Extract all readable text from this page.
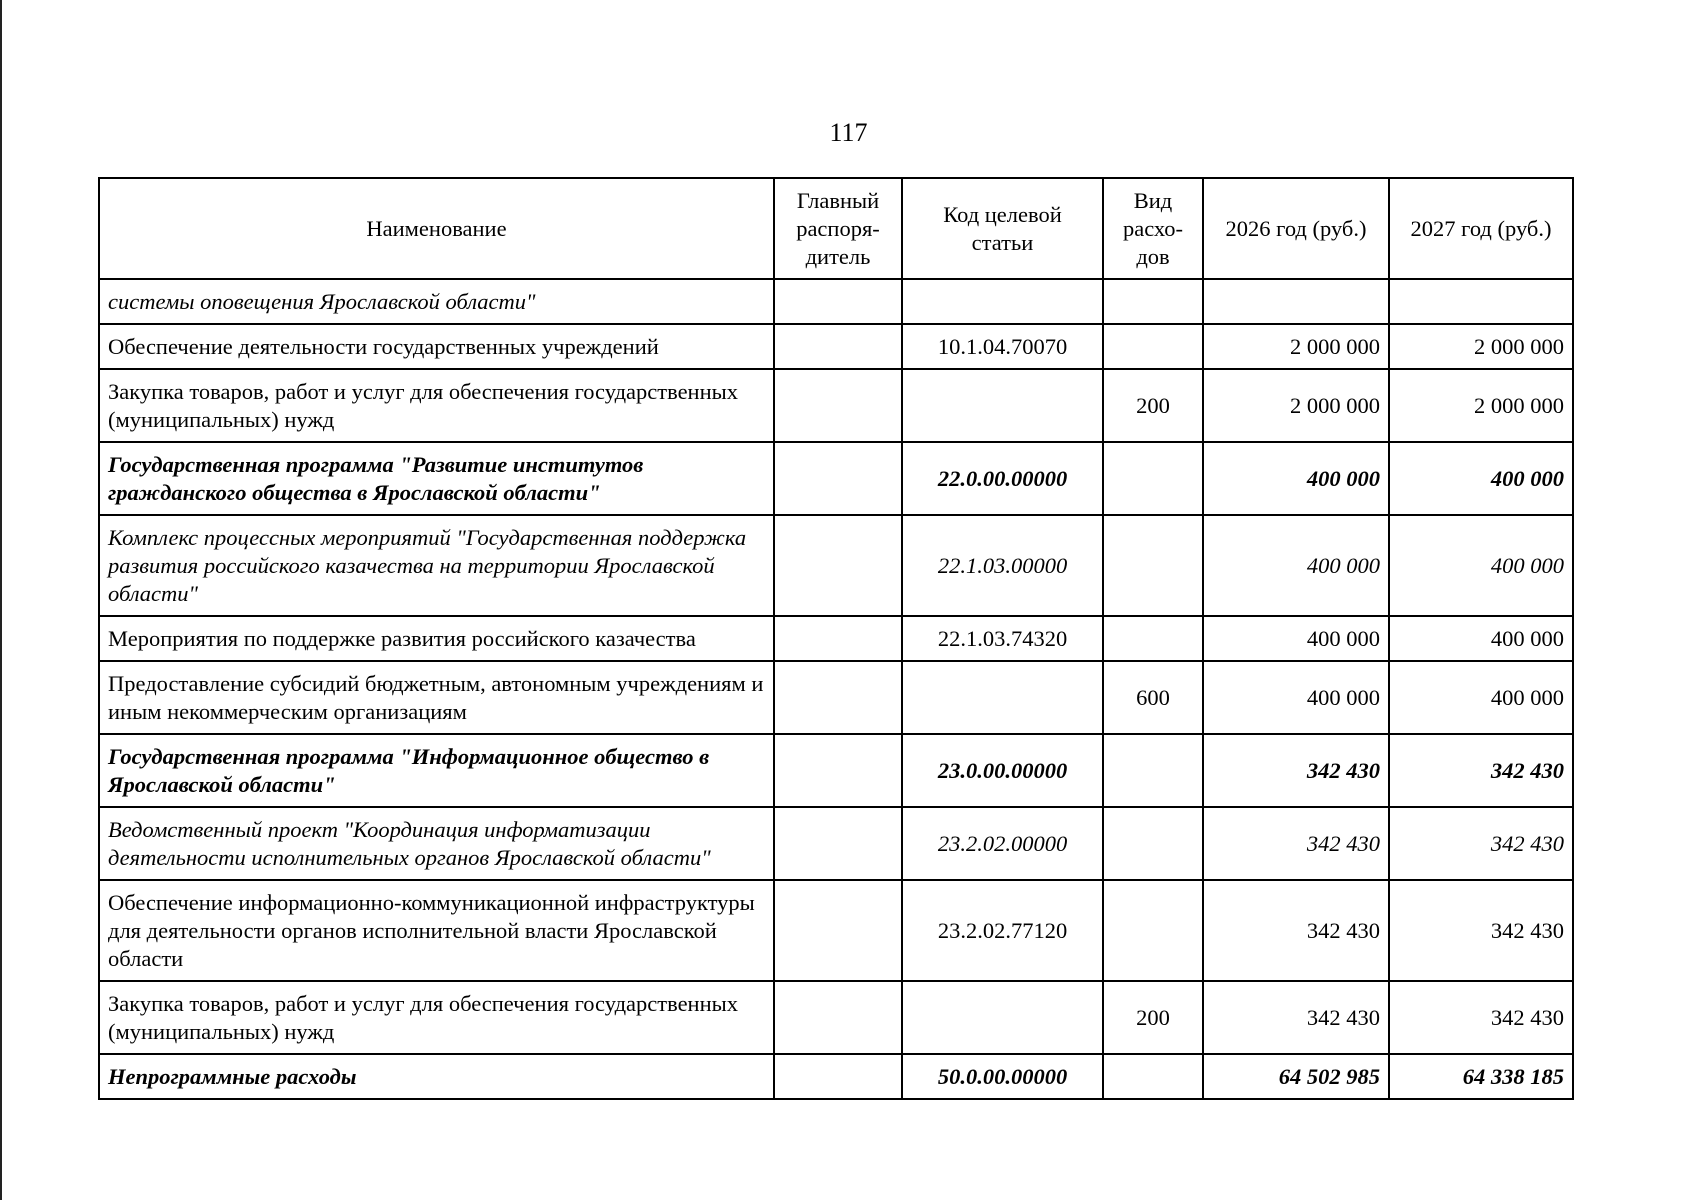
117
Наименование	Главный распоря- дитель	Код целевой статьи	Вид расхо- дов	2026 год (руб.)	2027 год (руб.)
системы оповещения Ярославской области"					
Обеспечение деятельности государственных учреждений		10.1.04.70070		2 000 000	2 000 000
Закупка товаров, работ и услуг для обеспечения государственных (муниципальных) нужд			200	2 000 000	2 000 000
Государственная программа "Развитие институтов гражданского общества в Ярославской области"		22.0.00.00000		400 000	400 000
Комплекс процессных мероприятий "Государственная поддержка развития российского казачества на территории Ярославской области"		22.1.03.00000		400 000	400 000
Мероприятия по поддержке развития российского казачества		22.1.03.74320		400 000	400 000
Предоставление субсидий бюджетным, автономным учреждениям и иным некоммерческим организациям			600	400 000	400 000
Государственная программа "Информационное общество в Ярославской области"		23.0.00.00000		342 430	342 430
Ведомственный проект "Координация информатизации деятельности исполнительных органов Ярославской области"		23.2.02.00000		342 430	342 430
Обеспечение информационно-коммуникационной инфраструктуры для деятельности органов исполнительной власти Ярославской области		23.2.02.77120		342 430	342 430
Закупка товаров, работ и услуг для обеспечения государственных (муниципальных) нужд			200	342 430	342 430
Непрограммные расходы		50.0.00.00000		64 502 985	64 338 185
